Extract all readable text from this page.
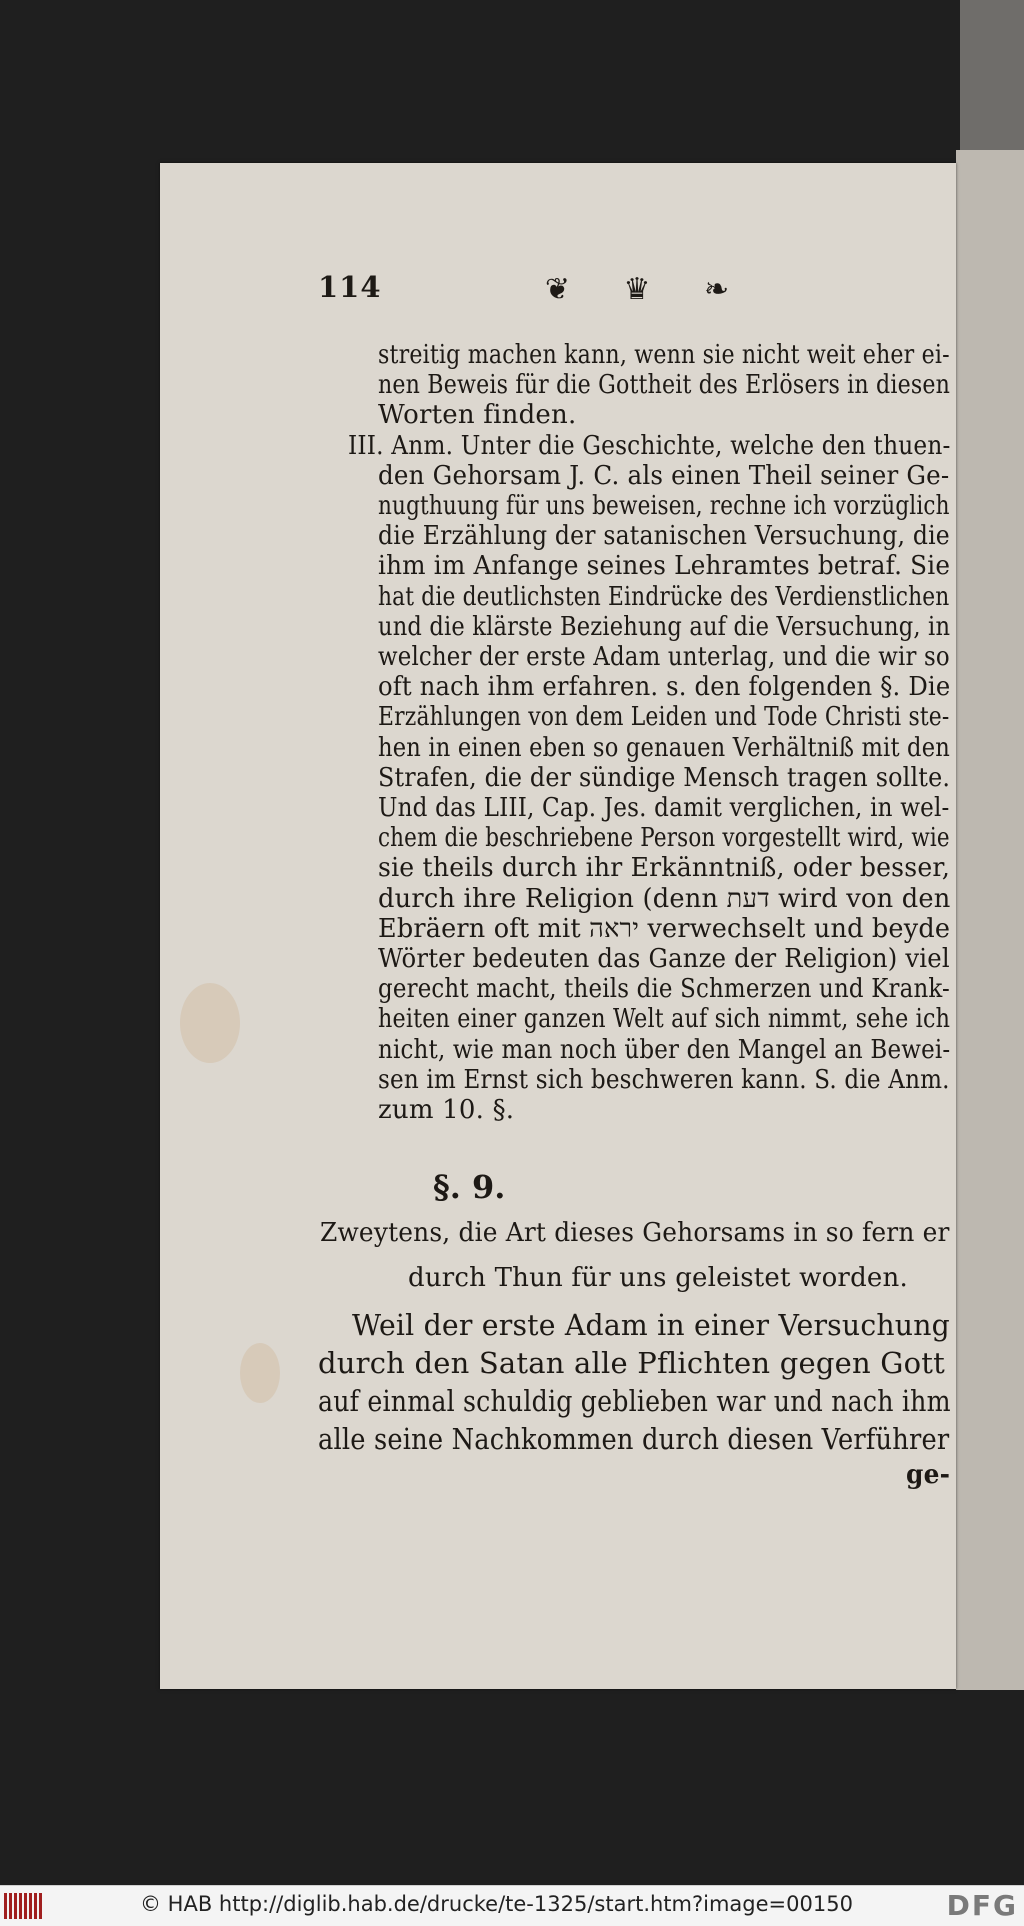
114	❦ ♛ ❧
streitig machen kann, wenn sie nicht weit eher ei-
nen Beweis für die Gottheit des Erlösers in diesen
Worten finden.
III. Anm. Unter die Geschichte, welche den thuen-
den Gehorsam J. C. als einen Theil seiner Ge-
nugthuung für uns beweisen, rechne ich vorzüglich
die Erzählung der satanischen Versuchung, die
ihm im Anfange seines Lehramtes betraf. Sie
hat die deutlichsten Eindrücke des Verdienstlichen
und die klärste Beziehung auf die Versuchung, in
welcher der erste Adam unterlag, und die wir so
oft nach ihm erfahren. s. den folgenden §. Die
Erzählungen von dem Leiden und Tode Christi ste-
hen in einen eben so genauen Verhältniß mit den
Strafen, die der sündige Mensch tragen sollte.
Und das LIII, Cap. Jes. damit verglichen, in wel-
chem die beschriebene Person vorgestellt wird, wie
sie theils durch ihr Erkänntniß, oder besser,
durch ihre Religion (denn דעת wird von den
Ebräern oft mit יראה verwechselt und beyde
Wörter bedeuten das Ganze der Religion) viel
gerecht macht, theils die Schmerzen und Krank-
heiten einer ganzen Welt auf sich nimmt, sehe ich
nicht, wie man noch über den Mangel an Bewei-
sen im Ernst sich beschweren kann. S. die Anm.
zum 10. §.
§. 9.
Zweytens, die Art dieses Gehorsams in so fern er
durch Thun für uns geleistet worden.
Weil der erste Adam in einer Versuchung
durch den Satan alle Pflichten gegen Gott
auf einmal schuldig geblieben war und nach ihm
alle seine Nachkommen durch diesen Verführer
ge-
© HAB http://diglib.hab.de/drucke/te-1325/start.htm?image=00150	DFG
